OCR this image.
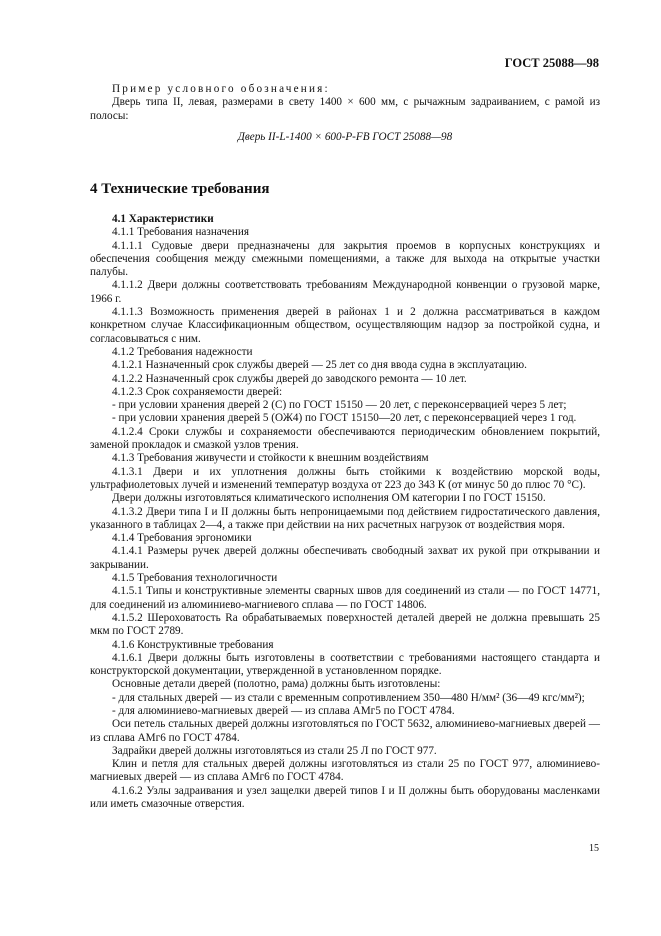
ГОСТ 25088—98

Пример условного обозначения:

Дверь типа II, левая, размерами в свету 1400 × 600 мм, с рычажным задраиванием, с рамой из полосы:

Дверь II-L-1400 × 600-P-FB ГОСТ 25088—98

4 Технические требования

4.1 Характеристики

4.1.1 Требования назначения

4.1.1.1 Судовые двери предназначены для закрытия проемов в корпусных конструкциях и обеспечения сообщения между смежными помещениями, а также для выхода на открытые участки палубы.

4.1.1.2 Двери должны соответствовать требованиям Международной конвенции о грузовой марке, 1966 г.

4.1.1.3 Возможность применения дверей в районах 1 и 2 должна рассматриваться в каждом конкретном случае Классификационным обществом, осуществляющим надзор за постройкой судна, и согласовываться с ним.

4.1.2 Требования надежности

4.1.2.1 Назначенный срок службы дверей — 25 лет со дня ввода судна в эксплуатацию.

4.1.2.2 Назначенный срок службы дверей до заводского ремонта — 10 лет.

4.1.2.3 Срок сохраняемости дверей:

- при условии хранения дверей 2 (С) по ГОСТ 15150 — 20 лет, с переконсервацией через 5 лет;

- при условии хранения дверей 5 (ОЖ4) по ГОСТ 15150—20 лет, с переконсервацией через 1 год.

4.1.2.4 Сроки службы и сохраняемости обеспечиваются периодическим обновлением покрытий, заменой прокладок и смазкой узлов трения.

4.1.3 Требования живучести и стойкости к внешним воздействиям

4.1.3.1 Двери и их уплотнения должны быть стойкими к воздействию морской воды, ультрафиолетовых лучей и изменений температур воздуха от 223 до 343 К (от минус 50 до плюс 70 °С).

Двери должны изготовляться климатического исполнения ОМ категории I по ГОСТ 15150.

4.1.3.2 Двери типа I и II должны быть непроницаемыми под действием гидростатического давления, указанного в таблицах 2—4, а также при действии на них расчетных нагрузок от воздействия моря.

4.1.4 Требования эргономики

4.1.4.1 Размеры ручек дверей должны обеспечивать свободный захват их рукой при открывании и закрывании.

4.1.5 Требования технологичности

4.1.5.1 Типы и конструктивные элементы сварных швов для соединений из стали — по ГОСТ 14771, для соединений из алюминиево-магниевого сплава — по ГОСТ 14806.

4.1.5.2 Шероховатость Ra обрабатываемых поверхностей деталей дверей не должна превышать 25 мкм по ГОСТ 2789.

4.1.6 Конструктивные требования

4.1.6.1 Двери должны быть изготовлены в соответствии с требованиями настоящего стандарта и конструкторской документации, утвержденной в установленном порядке.

Основные детали дверей (полотно, рама) должны быть изготовлены:

- для стальных дверей — из стали с временным сопротивлением 350—480 Н/мм² (36—49 кгс/мм²);

- для алюминиево-магниевых дверей — из сплава АМг5 по ГОСТ 4784.

Оси петель стальных дверей должны изготовляться по ГОСТ 5632, алюминиево-магниевых дверей — из сплава АМг6 по ГОСТ 4784.

Задрайки дверей должны изготовляться из стали 25 Л по ГОСТ 977.

Клин и петля для стальных дверей должны изготовляться из стали 25 по ГОСТ 977, алюминиево-магниевых дверей — из сплава АМг6 по ГОСТ 4784.

4.1.6.2 Узлы задраивания и узел защелки дверей типов I и II должны быть оборудованы масленками или иметь смазочные отверстия.

15
